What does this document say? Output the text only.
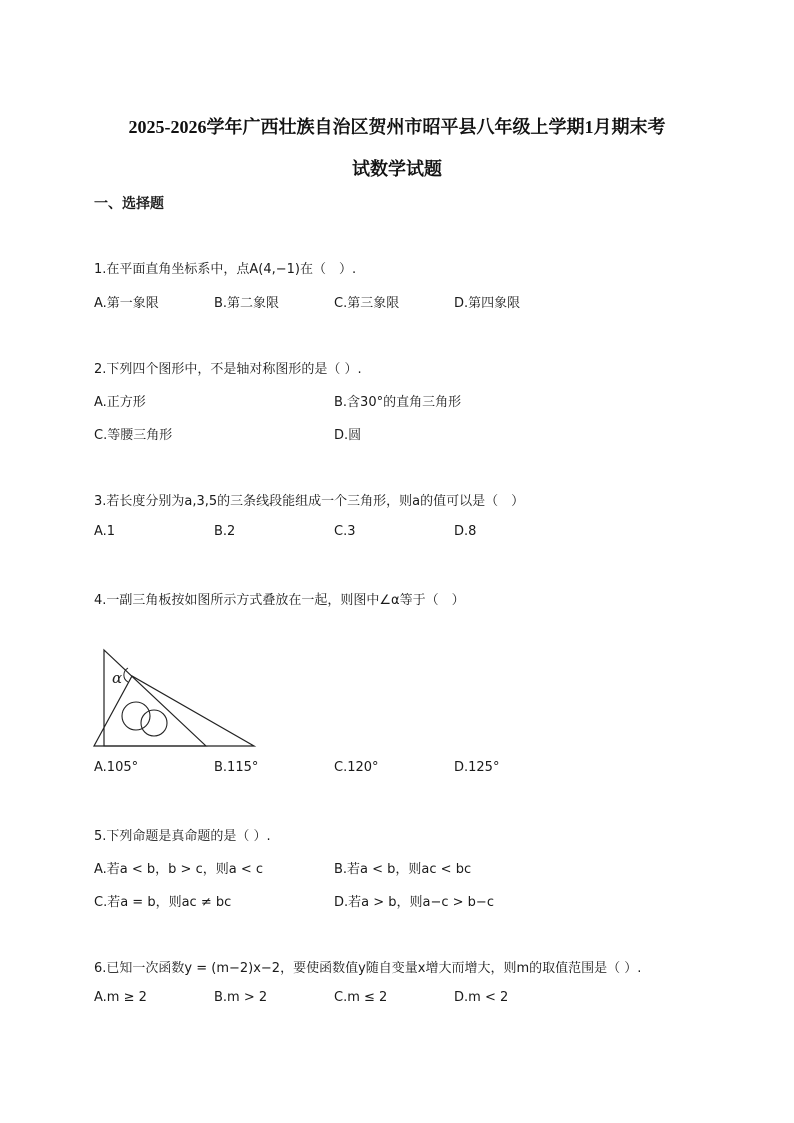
2025-2026学年广西壮族自治区贺州市昭平县八年级上学期1月期末考
试数学试题
一、选择题
1.在平面直角坐标系中，点A(4,−1)在（　）.
A.第一象限	B.第二象限	C.第三象限	D.第四象限
2.下列四个图形中，不是轴对称图形的是（ ）.
A.正方形	B.含30°的直角三角形
C.等腰三角形	D.圆
3.若长度分别为a,3,5的三条线段能组成一个三角形，则a的值可以是（　）
A.1	B.2	C.3	D.8
4.一副三角板按如图所示方式叠放在一起，则图中∠α等于（　）
α
A.105°	B.115°	C.120°	D.125°
5.下列命题是真命题的是（ ）.
A.若a < b，b > c，则a < c	B.若a < b，则ac < bc
C.若a = b，则ac ≠ bc	D.若a > b，则a−c > b−c
6.已知一次函数y = (m−2)x−2，要使函数值y随自变量x增大而增大，则m的取值范围是（ ）.
A.m ≥ 2	B.m > 2	C.m ≤ 2	D.m < 2
